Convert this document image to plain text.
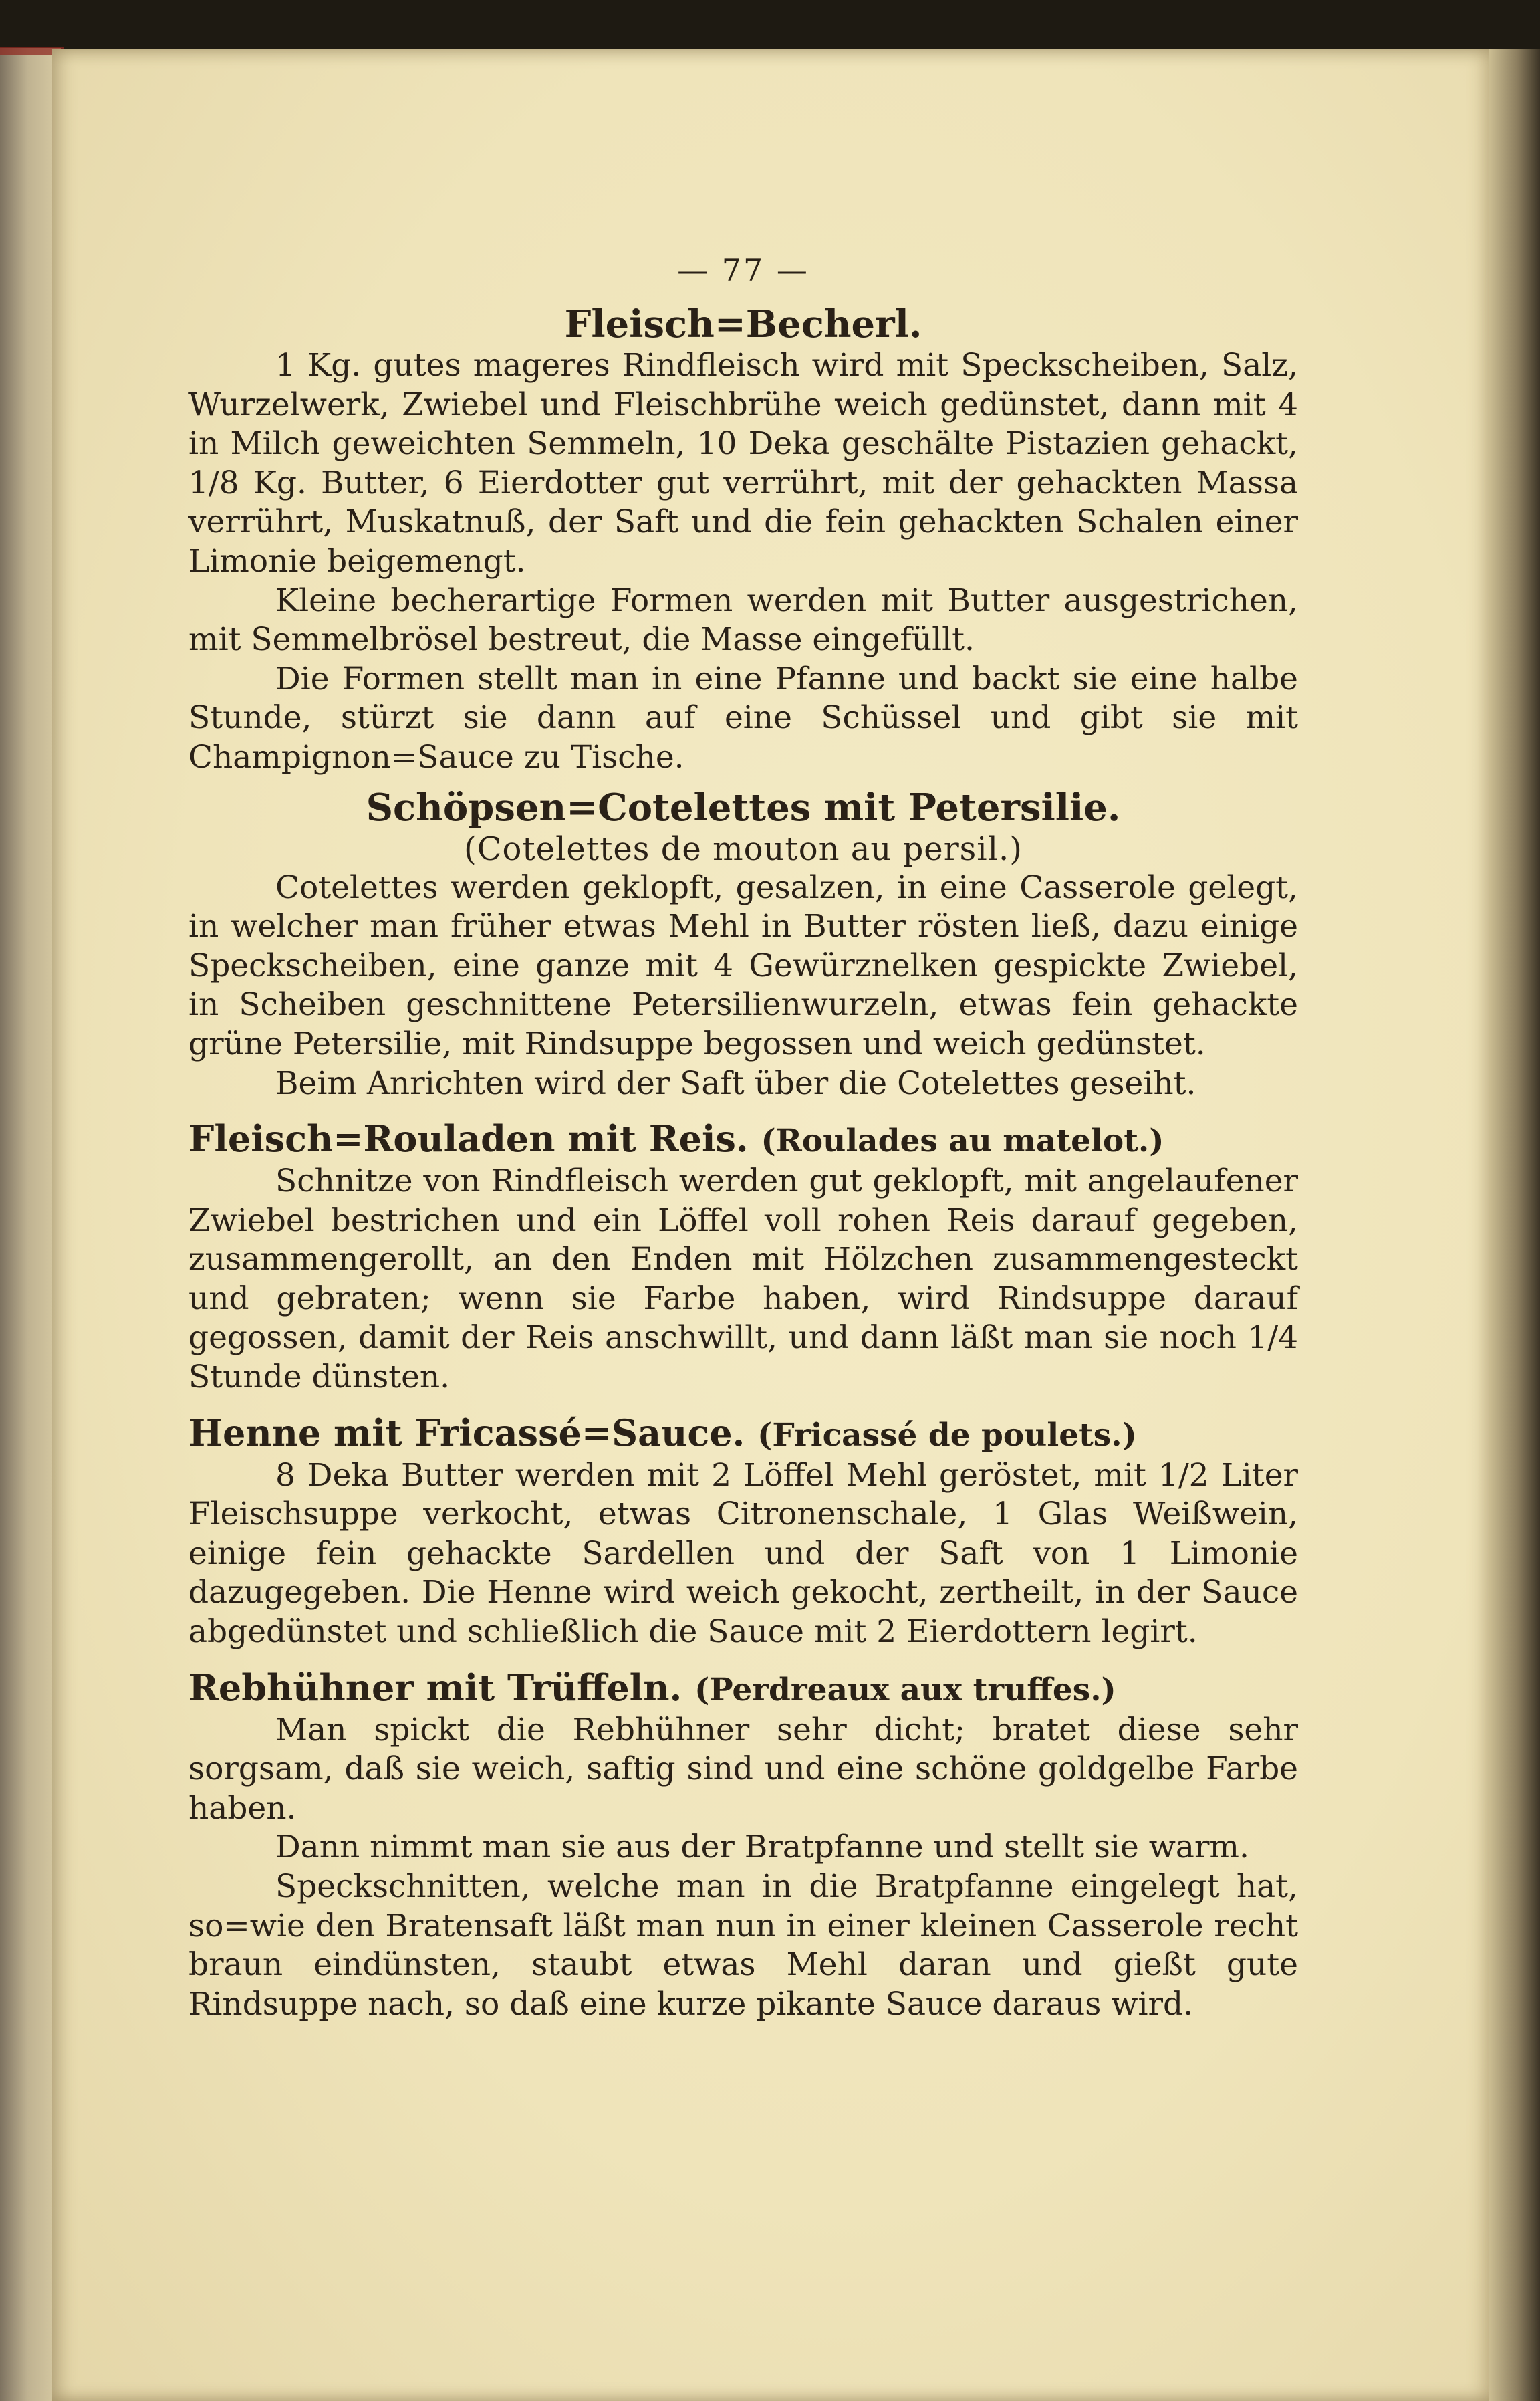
— 77 —
Fleisch=Becherl.

1 Kg. gutes mageres Rindfleisch wird mit Speckscheiben, Salz, Wurzelwerk, Zwiebel und Fleischbrühe weich gedünstet, dann mit 4 in Milch geweichten Semmeln, 10 Deka geschälte Pistazien gehackt, 1/8 Kg. Butter, 6 Eierdotter gut verrührt, mit der gehackten Massa verrührt, Muskatnuß, der Saft und die fein gehackten Schalen einer Limonie beigemengt.

Kleine becherartige Formen werden mit Butter ausgestrichen, mit Semmelbrösel bestreut, die Masse eingefüllt.

Die Formen stellt man in eine Pfanne und backt sie eine halbe Stunde, stürzt sie dann auf eine Schüssel und gibt sie mit Champignon=Sauce zu Tische.

Schöpsen=Cotelettes mit Petersilie.
(Cotelettes de mouton au persil.)

Cotelettes werden geklopft, gesalzen, in eine Casserole gelegt, in welcher man früher etwas Mehl in Butter rösten ließ, dazu einige Speckscheiben, eine ganze mit 4 Gewürznelken gespickte Zwiebel, in Scheiben geschnittene Petersilienwurzeln, etwas fein gehackte grüne Petersilie, mit Rindsuppe begossen und weich gedünstet.

Beim Anrichten wird der Saft über die Cotelettes geseiht.

Fleisch=Rouladen mit Reis. (Roulades au matelot.)

Schnitze von Rindfleisch werden gut geklopft, mit angelaufener Zwiebel bestrichen und ein Löffel voll rohen Reis darauf gegeben, zusammengerollt, an den Enden mit Hölzchen zusammengesteckt und gebraten; wenn sie Farbe haben, wird Rindsuppe darauf gegossen, damit der Reis anschwillt, und dann läßt man sie noch 1/4 Stunde dünsten.

Henne mit Fricassé=Sauce. (Fricassé de poulets.)

8 Deka Butter werden mit 2 Löffel Mehl geröstet, mit 1/2 Liter Fleischsuppe verkocht, etwas Citronenschale, 1 Glas Weißwein, einige fein gehackte Sardellen und der Saft von 1 Limonie dazugegeben. Die Henne wird weich gekocht, zertheilt, in der Sauce abgedünstet und schließlich die Sauce mit 2 Eierdottern legirt.

Rebhühner mit Trüffeln. (Perdreaux aux truffes.)

Man spickt die Rebhühner sehr dicht; bratet diese sehr sorgsam, daß sie weich, saftig sind und eine schöne goldgelbe Farbe haben.

Dann nimmt man sie aus der Bratpfanne und stellt sie warm.

Speckschnitten, welche man in die Bratpfanne eingelegt hat, so=wie den Bratensaft läßt man nun in einer kleinen Casserole recht braun eindünsten, staubt etwas Mehl daran und gießt gute Rindsuppe nach, so daß eine kurze pikante Sauce daraus wird.
